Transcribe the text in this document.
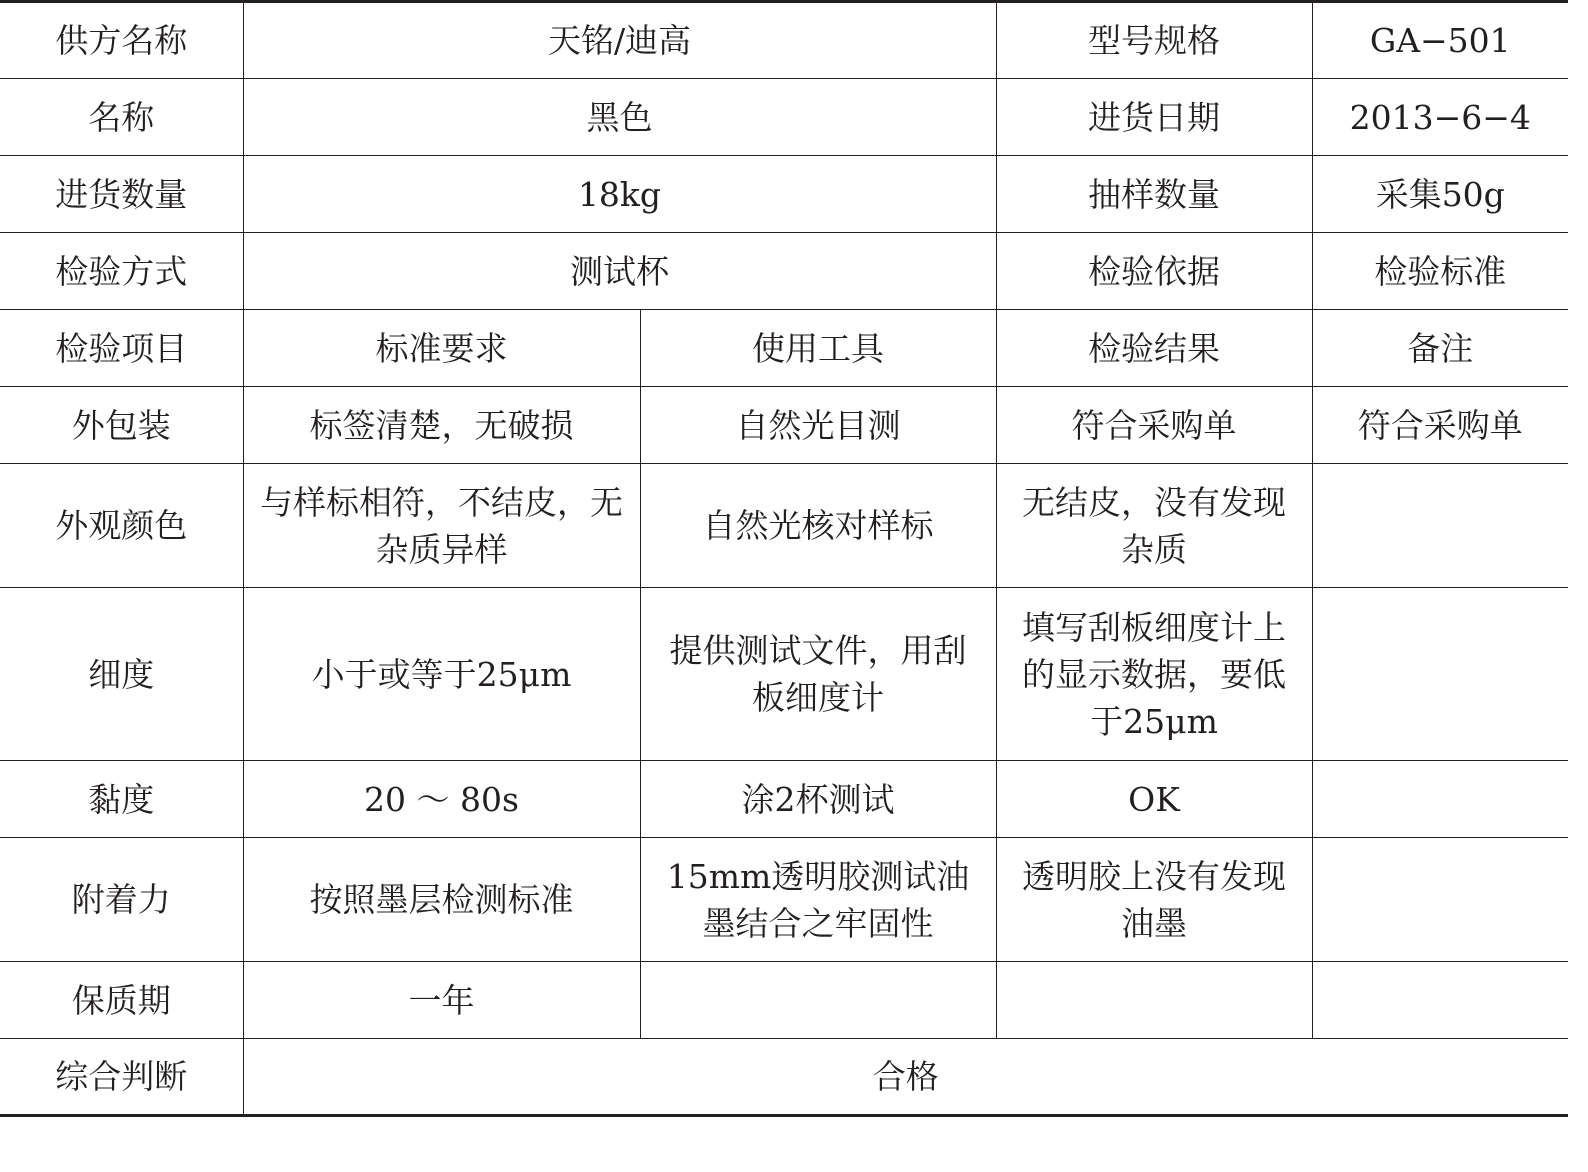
供方名称	天铭/迪高		型号规格	GA−501
名称	黑色		进货日期	2013−6−4
进货数量	18kg		抽样数量	采集50g
检验方式	测试杯		检验依据	检验标准
检验项目	标准要求	使用工具	检验结果	备注
外包装	标签清楚，无破损	自然光目测	符合采购单	符合采购单
外观颜色	与样标相符，不结皮，无杂质异样	自然光核对样标	无结皮，没有发现杂质	
细度	小于或等于25μm	提供测试文件，用刮板细度计	填写刮板细度计上的显示数据，要低于25μm	
黏度	20 ～ 80s	涂2杯测试	OK	
附着力	按照墨层检测标准	15mm透明胶测试油墨结合之牢固性	透明胶上没有发现油墨	
保质期	一年			
综合判断	合格			
